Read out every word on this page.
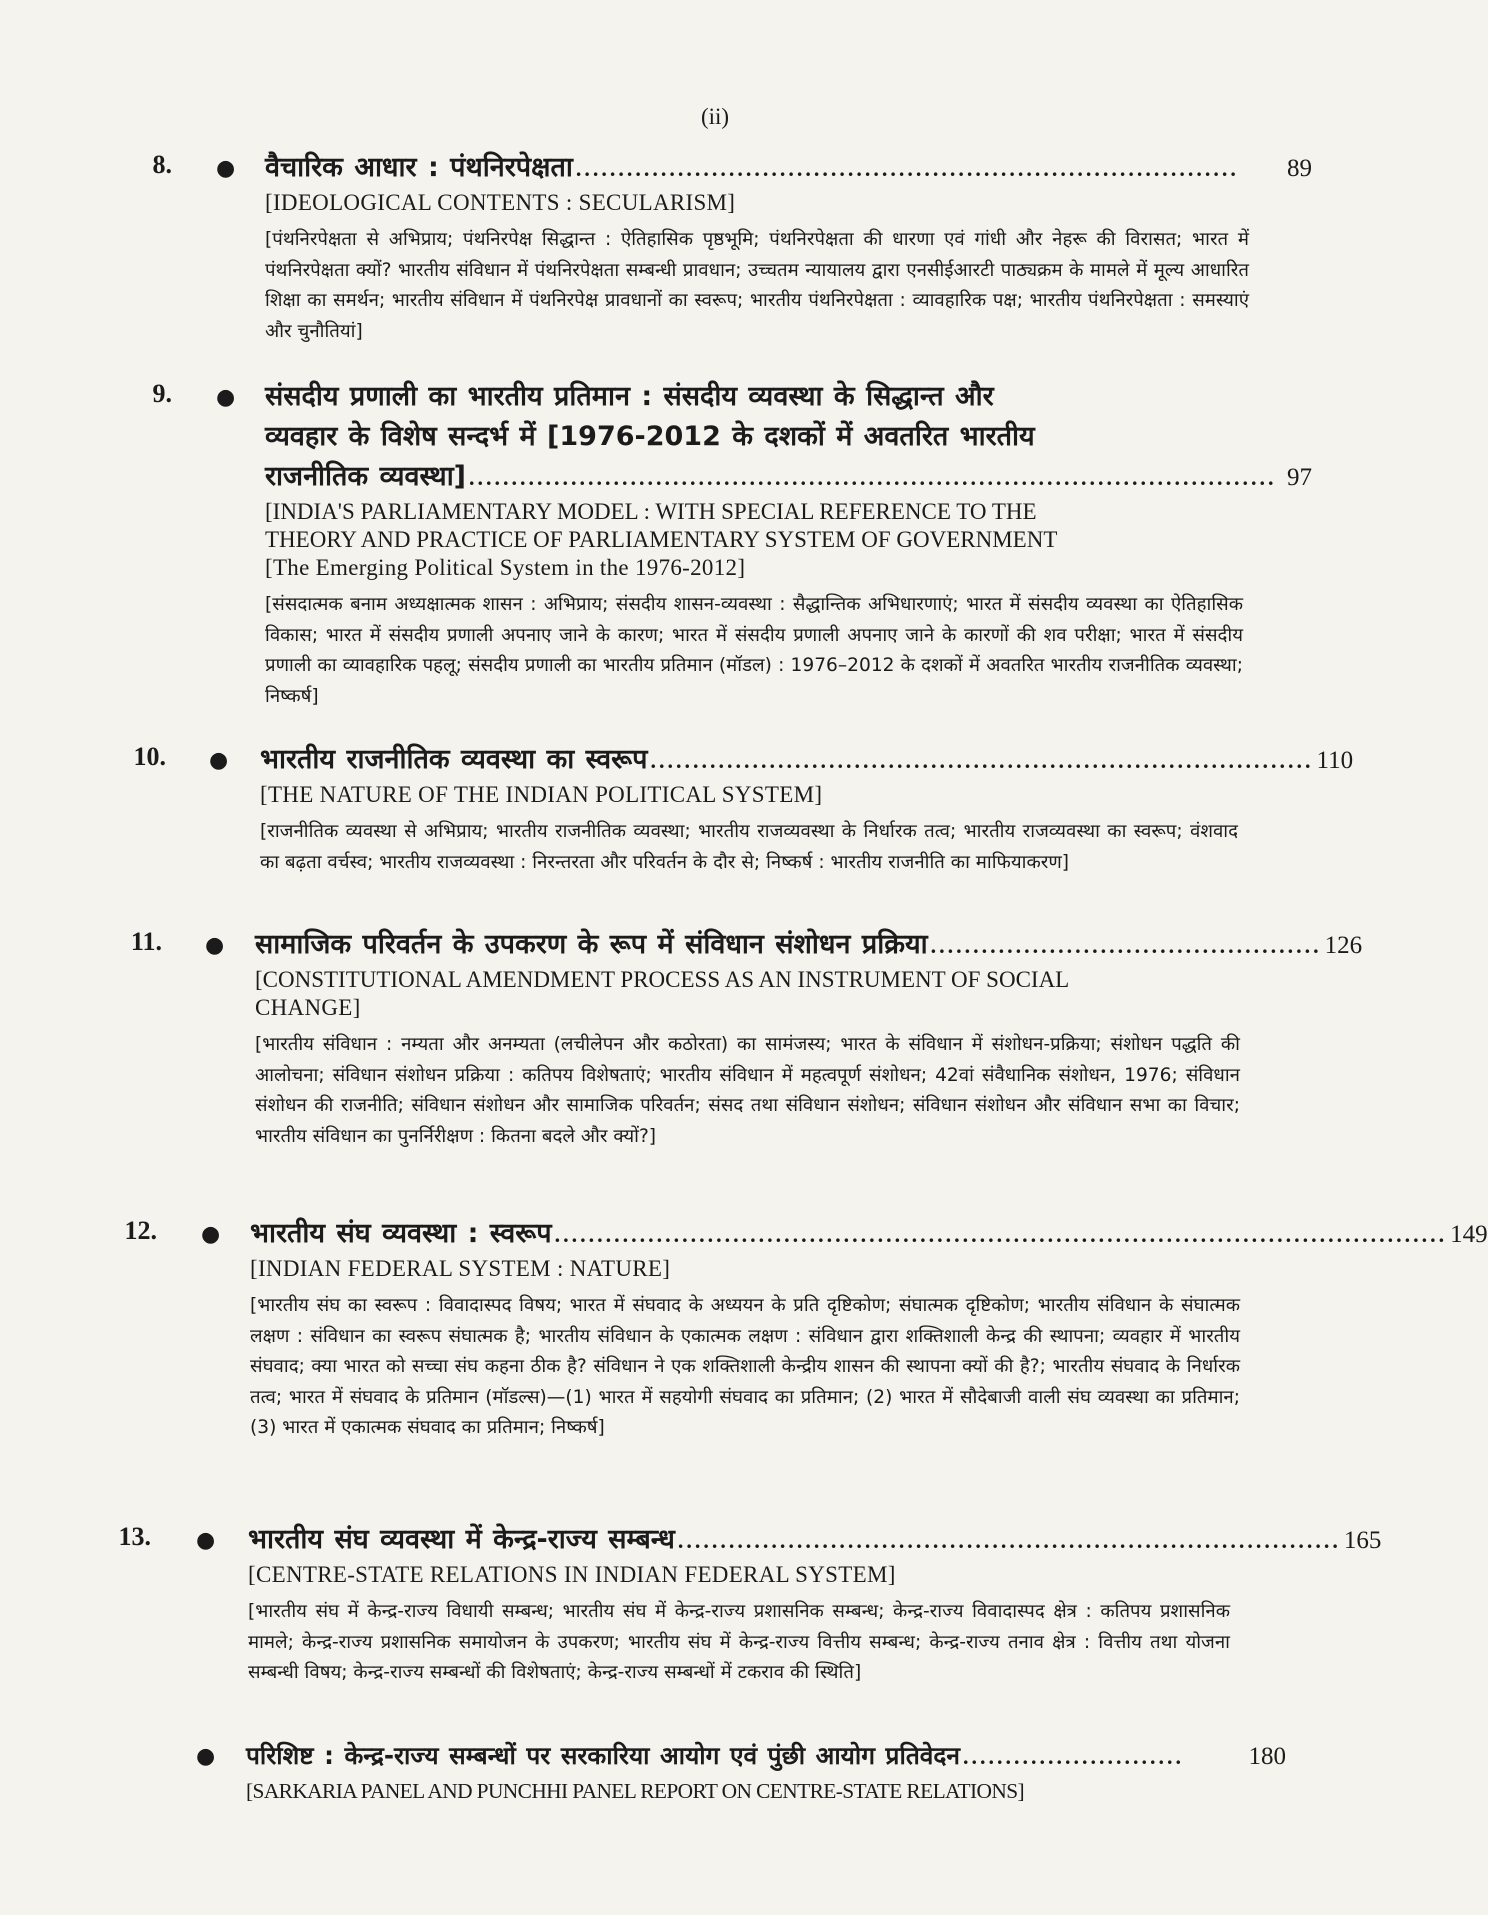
(ii)
8. ● वैचारिक आधार : पंथनिरपेक्षता ..............................................................................	89
[IDEOLOGICAL CONTENTS : SECULARISM]
[पंथनिरपेक्षता से अभिप्राय; पंथनिरपेक्ष सिद्धान्त : ऐतिहासिक पृष्ठभूमि; पंथनिरपेक्षता की धारणा एवं गांधी और नेहरू की विरासत; भारत में पंथनिरपेक्षता क्यों? भारतीय संविधान में पंथनिरपेक्षता सम्बन्धी प्रावधान; उच्चतम न्यायालय द्वारा एनसीईआरटी पाठ्यक्रम के मामले में मूल्य आधारित शिक्षा का समर्थन; भारतीय संविधान में पंथनिरपेक्ष प्रावधानों का स्वरूप; भारतीय पंथनिरपेक्षता : व्यावहारिक पक्ष; भारतीय पंथनिरपेक्षता : समस्याएं और चुनौतियां]
9. ● संसदीय प्रणाली का भारतीय प्रतिमान : संसदीय व्यवस्था के सिद्धान्त और
व्यवहार के विशेष सन्दर्भ में [1976-2012 के दशकों में अवतरित भारतीय
राजनीतिक व्यवस्था] ............................................................................................... 97
[INDIA'S PARLIAMENTARY MODEL : WITH SPECIAL REFERENCE TO THE
THEORY AND PRACTICE OF PARLIAMENTARY SYSTEM OF GOVERNMENT
[The Emerging Political System in the 1976-2012]
[संसदात्मक बनाम अध्यक्षात्मक शासन : अभिप्राय; संसदीय शासन-व्यवस्था : सैद्धान्तिक अभिधारणाएं; भारत में संसदीय व्यवस्था का ऐतिहासिक विकास; भारत में संसदीय प्रणाली अपनाए जाने के कारण; भारत में संसदीय प्रणाली अपनाए जाने के कारणों की शव परीक्षा; भारत में संसदीय प्रणाली का व्यावहारिक पहलू; संसदीय प्रणाली का भारतीय प्रतिमान (मॉडल) : 1976–2012 के दशकों में अवतरित भारतीय राजनीतिक व्यवस्था; निष्कर्ष]
10. ● भारतीय राजनीतिक व्यवस्था का स्वरूप .............................................................................. 110
[THE NATURE OF THE INDIAN POLITICAL SYSTEM]
[राजनीतिक व्यवस्था से अभिप्राय; भारतीय राजनीतिक व्यवस्था; भारतीय राजव्यवस्था के निर्धारक तत्व; भारतीय राजव्यवस्था का स्वरूप; वंशवाद का बढ़ता वर्चस्व; भारतीय राजव्यवस्था : निरन्तरता और परिवर्तन के दौर से; निष्कर्ष : भारतीय राजनीति का माफियाकरण]
11. ● सामाजिक परिवर्तन के उपकरण के रूप में संविधान संशोधन प्रक्रिया .............................................. 126
[CONSTITUTIONAL AMENDMENT PROCESS AS AN INSTRUMENT OF SOCIAL
CHANGE]
[भारतीय संविधान : नम्यता और अनम्यता (लचीलेपन और कठोरता) का सामंजस्य; भारत के संविधान में संशोधन-प्रक्रिया; संशोधन पद्धति की आलोचना; संविधान संशोधन प्रक्रिया : कतिपय विशेषताएं; भारतीय संविधान में महत्वपूर्ण संशोधन; 42वां संवैधानिक संशोधन, 1976; संविधान संशोधन की राजनीति; संविधान संशोधन और सामाजिक परिवर्तन; संसद तथा संविधान संशोधन; संविधान संशोधन और संविधान सभा का विचार; भारतीय संविधान का पुनर्निरीक्षण : कितना बदले और क्यों?]
12. ● भारतीय संघ व्यवस्था : स्वरूप ......................................................................................................... 149
[INDIAN FEDERAL SYSTEM : NATURE]
[भारतीय संघ का स्वरूप : विवादास्पद विषय; भारत में संघवाद के अध्ययन के प्रति दृष्टिकोण; संघात्मक दृष्टिकोण; भारतीय संविधान के संघात्मक लक्षण : संविधान का स्वरूप संघात्मक है; भारतीय संविधान के एकात्मक लक्षण : संविधान द्वारा शक्तिशाली केन्द्र की स्थापना; व्यवहार में भारतीय संघवाद; क्या भारत को सच्चा संघ कहना ठीक है? संविधान ने एक शक्तिशाली केन्द्रीय शासन की स्थापना क्यों की है?; भारतीय संघवाद के निर्धारक तत्व; भारत में संघवाद के प्रतिमान (मॉडल्स)—(1) भारत में सहयोगी संघवाद का प्रतिमान; (2) भारत में सौदेबाजी वाली संघ व्यवस्था का प्रतिमान; (3) भारत में एकात्मक संघवाद का प्रतिमान; निष्कर्ष]
13. ● भारतीय संघ व्यवस्था में केन्द्र-राज्य सम्बन्ध .............................................................................. 165
[CENTRE-STATE RELATIONS IN INDIAN FEDERAL SYSTEM]
[भारतीय संघ में केन्द्र-राज्य विधायी सम्बन्ध; भारतीय संघ में केन्द्र-राज्य प्रशासनिक सम्बन्ध; केन्द्र-राज्य विवादास्पद क्षेत्र : कतिपय प्रशासनिक मामले; केन्द्र-राज्य प्रशासनिक समायोजन के उपकरण; भारतीय संघ में केन्द्र-राज्य वित्तीय सम्बन्ध; केन्द्र-राज्य तनाव क्षेत्र : वित्तीय तथा योजना सम्बन्धी विषय; केन्द्र-राज्य सम्बन्धों की विशेषताएं; केन्द्र-राज्य सम्बन्धों में टकराव की स्थिति]
● परिशिष्ट : केन्द्र-राज्य सम्बन्धों पर सरकारिया आयोग एवं पुंछी आयोग प्रतिवेदन ..........................	180
[SARKARIA PANEL AND PUNCHHI PANEL REPORT ON CENTRE-STATE RELATIONS]
